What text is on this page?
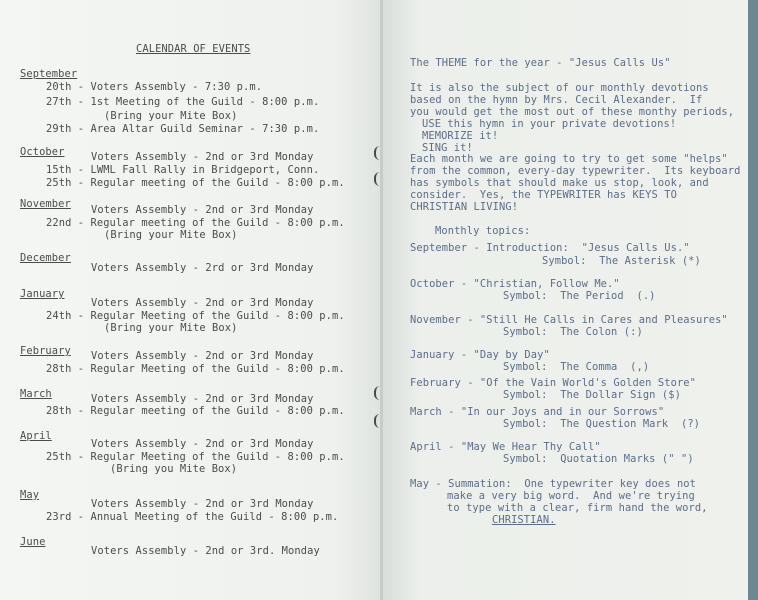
CALENDAR OF EVENTS
September
20th - Voters Assembly - 7:30 p.m.
27th - 1st Meeting of the Guild - 8:00 p.m.
(Bring your Mite Box)
29th - Area Altar Guild Seminar - 7:30 p.m.
October	Voters Assembly - 2nd or 3rd Monday
15th - LWML Fall Rally in Bridgeport, Conn.
25th - Regular meeting of the Guild - 8:00 p.m.
November Voters Assembly - 2nd or 3rd Monday
22nd - Regular meeting of the Guild - 8:00 p.m.
(Bring your Mite Box)
December
Voters Assembly - 2rd or 3rd Monday
January
Voters Assembly - 2nd or 3rd Monday
24th - Regular Meeting of the Guild - 8:00 p.m.
(Bring your Mite Box)
February Voters Assembly - 2nd or 3rd Monday
28th - Regular Meeting of the Guild - 8:00 p.m.
March	Voters Assembly - 2nd or 3rd Monday
28th - Regular meeting of the Guild - 8:00 p.m.
April
Voters Assembly - 2nd or 3rd Monday
25th - Regular Meeting of the Guild - 8:00 p.m.
(Bring you Mite Box)
May
Voters Assembly - 2nd or 3rd Monday
23rd - Annual Meeting of the Guild - 8:00 p.m.
June
Voters Assembly - 2nd or 3rd. Monday
The THEME for the year - "Jesus Calls Us"
It is also the subject of our monthly devotions
based on the hymn by Mrs. Cecil Alexander.  If
you would get the most out of these monthy periods,
USE this hymn in your private devotions!
MEMORIZE it!
SING it!
Each month we are going to try to get some "helps"
from the common, every-day typewriter.  Its keyboard
has symbols that should make us stop, look, and
consider.  Yes, the TYPEWRITER has KEYS TO
CHRISTIAN LIVING!
Monthly topics:
September - Introduction:  "Jesus Calls Us."
Symbol:  The Asterisk (*)
October - "Christian, Follow Me."
Symbol:  The Period  (.)
November - "Still He Calls in Cares and Pleasures"
Symbol:  The Colon (:)
January - "Day by Day"
Symbol:  The Comma  (,)
February - "Of the Vain World's Golden Store"
Symbol:  The Dollar Sign ($)
March - "In our Joys and in our Sorrows"
Symbol:  The Question Mark  (?)
April - "May We Hear Thy Call"
Symbol:  Quotation Marks (" ")
May - Summation:  One typewriter key does not
make a very big word.  And we're trying
to type with a clear, firm hand the word,
CHRISTIAN.
